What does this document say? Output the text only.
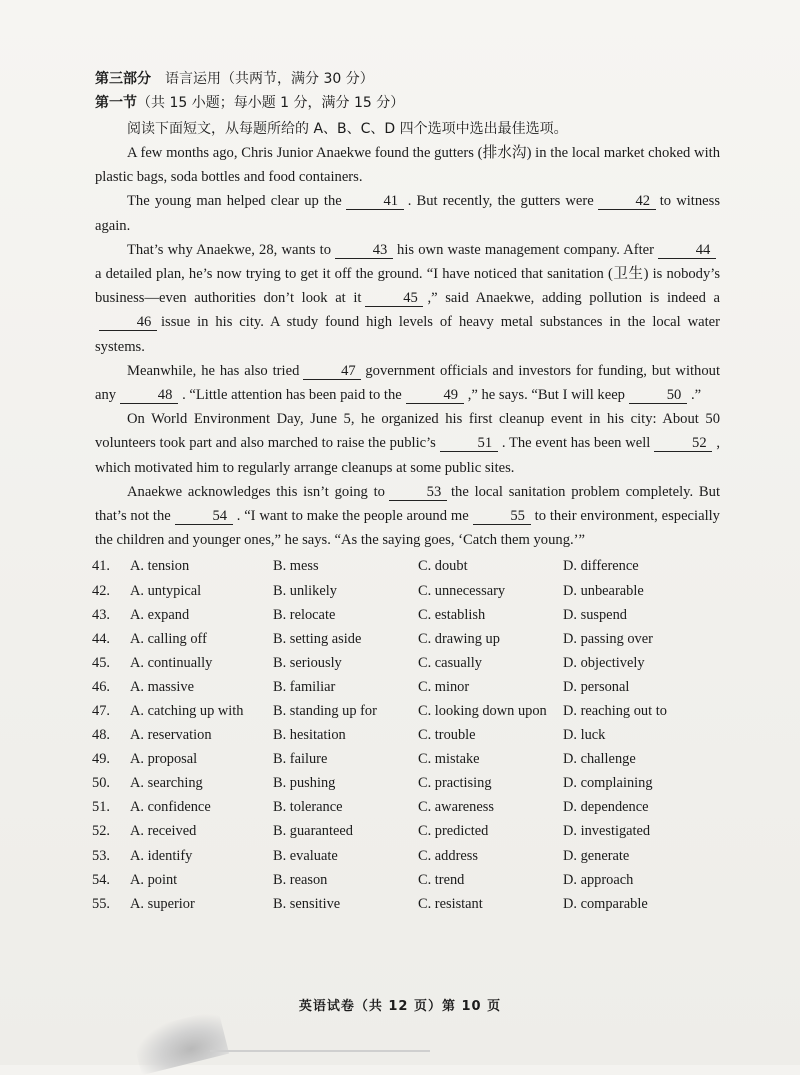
第三部分 语言运用（共两节，满分 30 分）
第一节（共 15 小题；每小题 1 分，满分 15 分）
阅读下面短文，从每题所给的 A、B、C、D 四个选项中选出最佳选项。

A few months ago, Chris Junior Anaekwe found the gutters (排水沟) in the local market choked with plastic bags, soda bottles and food containers.

The young man helped clear up the	41 . But recently, the gutters were	42 to witness again.

That’s why Anaekwe, 28, wants to	43 his own waste management company. After	44a detailed plan, he’s now trying to get it off the ground. “I have noticed that sanitation (卫生) is nobody’s business—even authorities don’t look at it	45 ,” said Anaekwe, adding pollution is indeed a46 issue in his city. A study found high levels of heavy metal substances in the local water systems.

Meanwhile, he has also tried	47 government officials and investors for funding, but without any	48 . “Little attention has been paid to the	49 ,” he says. “But I will keep	50 .”

On World Environment Day, June 5, he organized his first cleanup event in his city: About 50 volunteers took part and also marched to raise the public’s	51 . The event has been well	52 , which motivated him to regularly arrange cleanups at some public sites.

Anaekwe acknowledges this isn’t going to	53 the local sanitation problem completely. But that’s not the	54 . “I want to make the people around me	55 to their environment, especially the children and younger ones,” he says. “As the saying goes, ‘Catch them young.’”

41.	A. tension	B. mess	C. doubt	D. difference
42.	A. untypical	B. unlikely	C. unnecessary	D. unbearable
43.	A. expand	B. relocate	C. establish	D. suspend
44.	A. calling off	B. setting aside	C. drawing up	D. passing over
45.	A. continually	B. seriously	C. casually	D. objectively
46.	A. massive	B. familiar	C. minor	D. personal
47.	A. catching up with	B. standing up for	C. looking down upon	D. reaching out to
48.	A. reservation	B. hesitation	C. trouble	D. luck
49.	A. proposal	B. failure	C. mistake	D. challenge
50.	A. searching	B. pushing	C. practising	D. complaining
51.	A. confidence	B. tolerance	C. awareness	D. dependence
52.	A. received	B. guaranteed	C. predicted	D. investigated
53.	A. identify	B. evaluate	C. address	D. generate
54.	A. point	B. reason	C. trend	D. approach
55.	A. superior	B. sensitive	C. resistant	D. comparable
英语试卷（共 12 页）第 10 页
